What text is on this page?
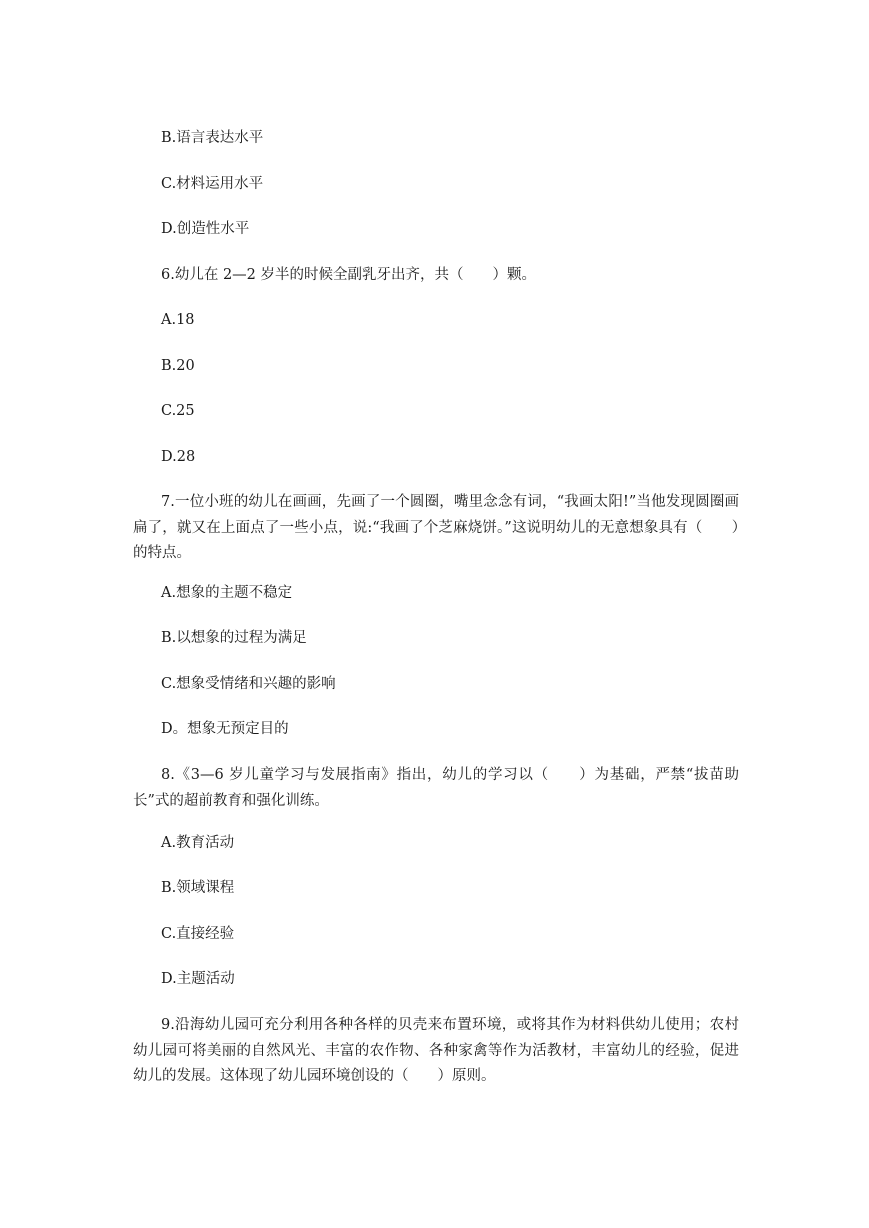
B.语言表达水平
C.材料运用水平
D.创造性水平
6.幼儿在 2—2 岁半的时候全副乳牙出齐，共（　　）颗。
A.18
B.20
C.25
D.28
7.一位小班的幼儿在画画，先画了一个圆圈，嘴里念念有词，“我画太阳!”当他发现圆圈画扁了，就又在上面点了一些小点，说:“我画了个芝麻烧饼。”这说明幼儿的无意想象具有（　　）的特点。
A.想象的主题不稳定
B.以想象的过程为满足
C.想象受情绪和兴趣的影响
D。想象无预定目的
8.《3—6 岁儿童学习与发展指南》指出，幼儿的学习以（　　）为基础，严禁“拔苗助长”式的超前教育和强化训练。
A.教育活动
B.领域课程
C.直接经验
D.主题活动
9.沿海幼儿园可充分利用各种各样的贝壳来布置环境，或将其作为材料供幼儿使用；农村幼儿园可将美丽的自然风光、丰富的农作物、各种家禽等作为活教材，丰富幼儿的经验，促进幼儿的发展。这体现了幼儿园环境创设的（　　）原则。
